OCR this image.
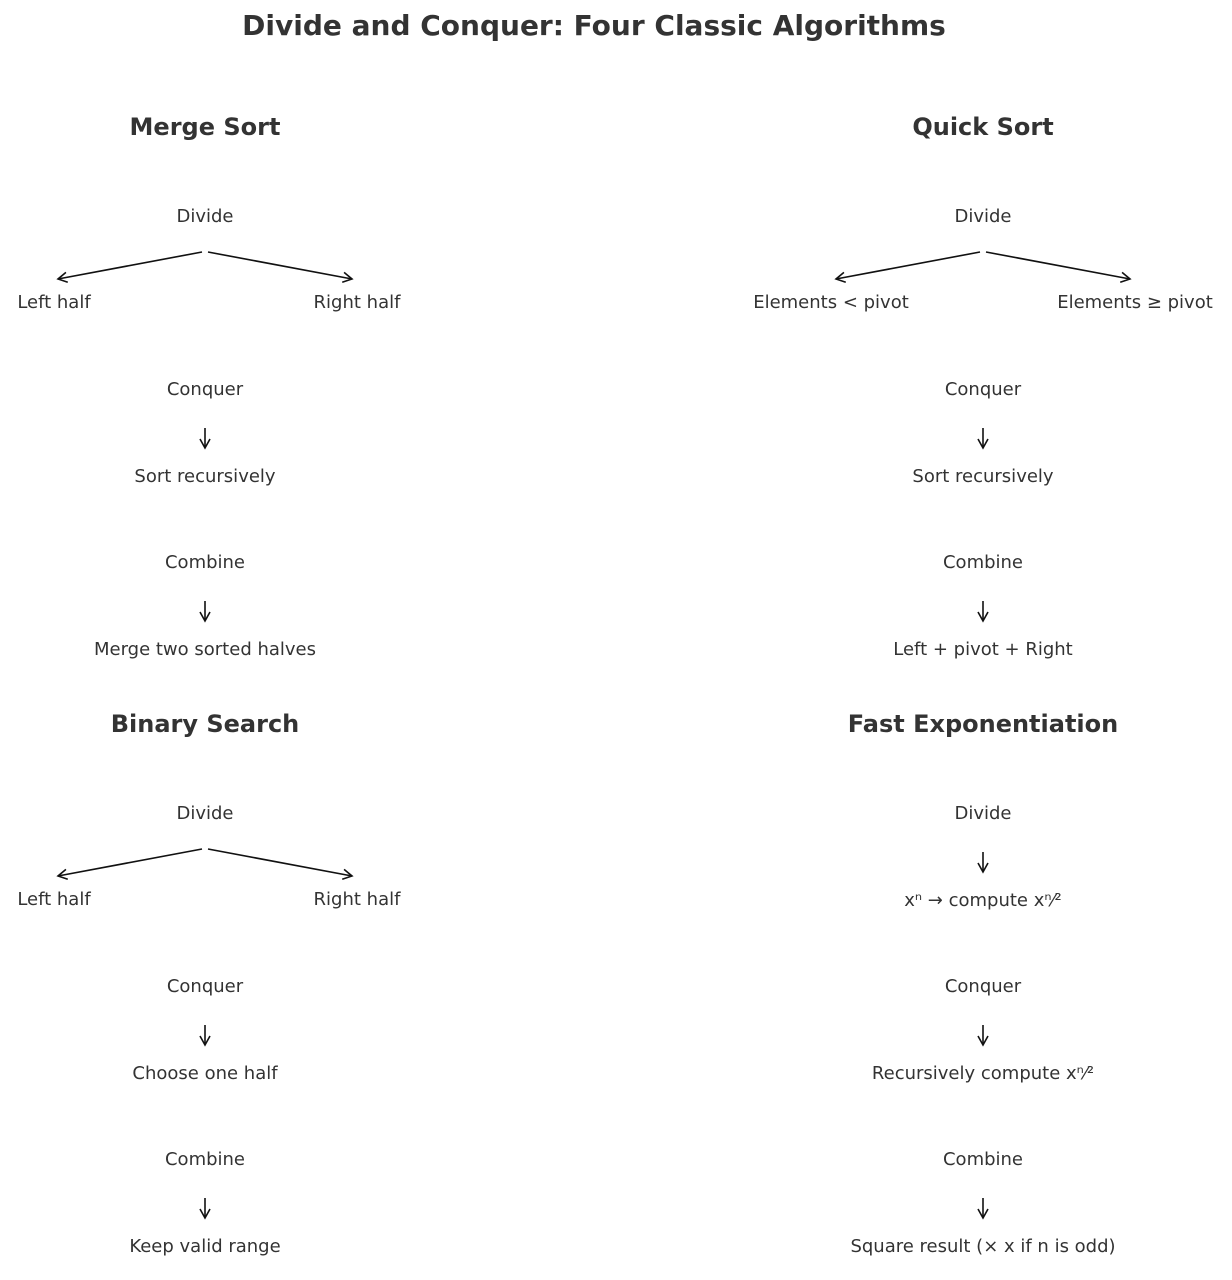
Divide and Conquer: Four Classic Algorithms
Merge Sort
Divide
Left half	Right half
Conquer
Sort recursively
Combine
Merge two sorted halves
Quick Sort
Divide
Elements < pivot	Elements ≥ pivot
Conquer
Sort recursively
Combine
Left + pivot + Right
Binary Search
Divide
Left half	Right half
Conquer
Choose one half
Combine
Keep valid range
Fast Exponentiation
Divide
xⁿ → compute xⁿ⁄²
Conquer
Recursively compute xⁿ⁄²
Combine
Square result (× x if n is odd)
